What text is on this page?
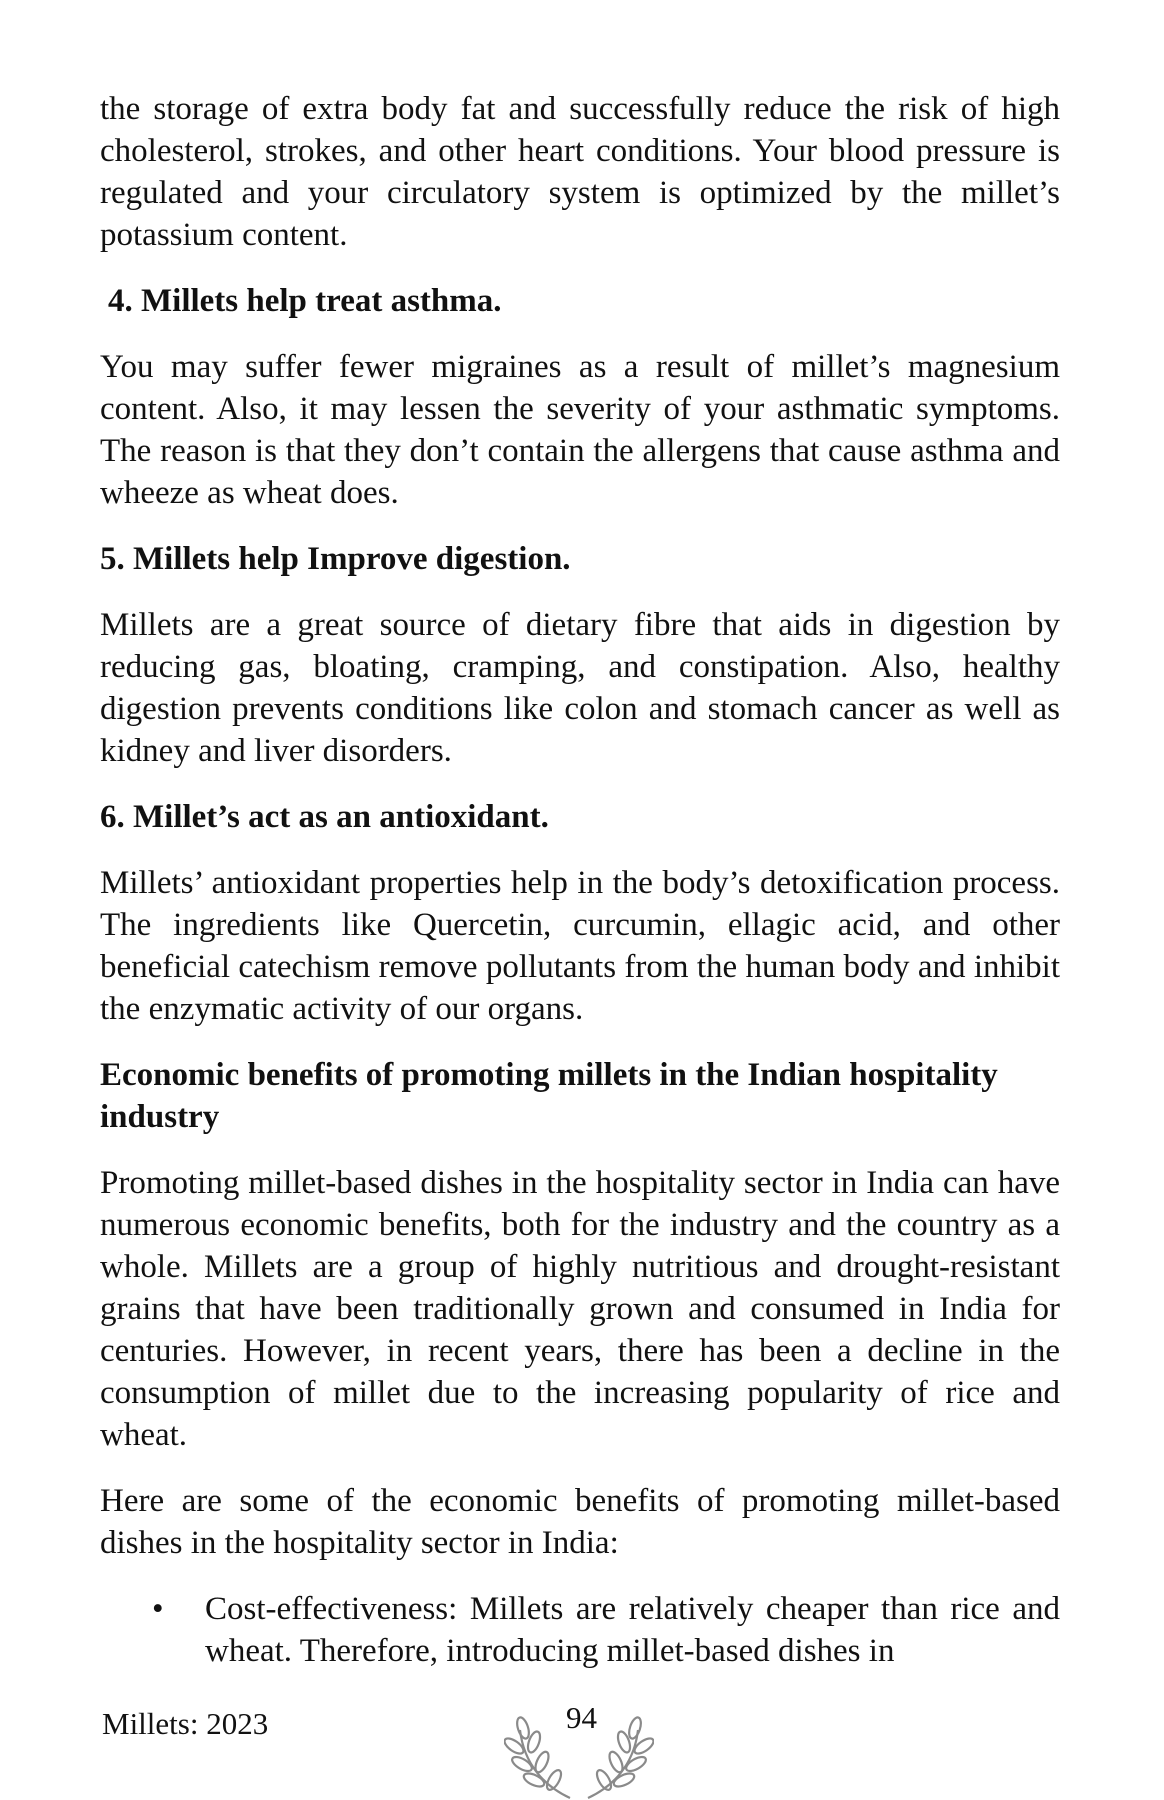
the storage of extra body fat and successfully reduce the risk of high cholesterol, strokes, and other heart conditions. Your blood pressure is regulated and your circulatory system is optimized by the millet’s potassium content.

4. Millets help treat asthma.

You may suffer fewer migraines as a result of millet’s magnesium content. Also, it may lessen the severity of your asthmatic symptoms. The reason is that they don’t contain the allergens that cause asthma and wheeze as wheat does.

5. Millets help Improve digestion.

Millets are a great source of dietary fibre that aids in digestion by reducing gas, bloating, cramping, and constipation. Also, healthy digestion prevents conditions like colon and stomach cancer as well as kidney and liver disorders.

6. Millet’s act as an antioxidant.

Millets’ antioxidant properties help in the body’s detoxification process. The ingredients like Quercetin, curcumin, ellagic acid, and other beneficial catechism remove pollutants from the human body and inhibit the enzymatic activity of our organs.

Economic benefits of promoting millets in the Indian hospitality industry

Promoting millet-based dishes in the hospitality sector in India can have numerous economic benefits, both for the industry and the country as a whole. Millets are a group of highly nutritious and drought-resistant grains that have been traditionally grown and consumed in India for centuries. However, in recent years, there has been a decline in the consumption of millet due to the increasing popularity of rice and wheat.

Here are some of the economic benefits of promoting millet-based dishes in the hospitality sector in India:

• Cost-effectiveness: Millets are relatively cheaper than rice and wheat. Therefore, introducing millet-based dishes in

Millets: 2023	94
